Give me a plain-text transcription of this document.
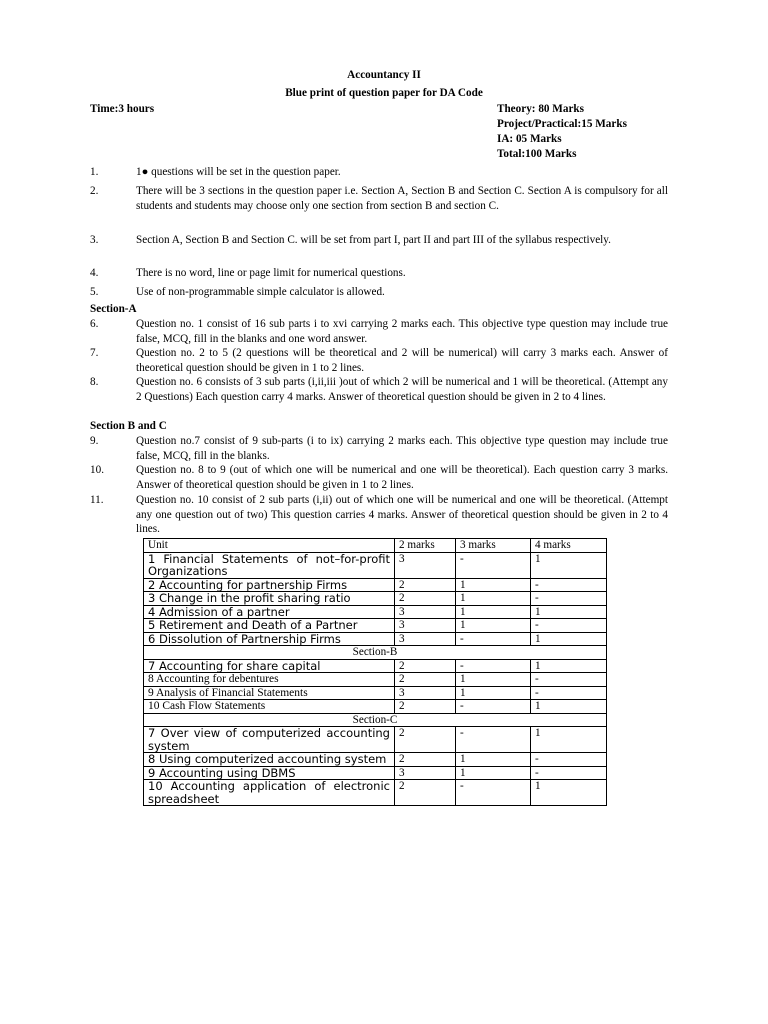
Accountancy II
Blue print of question paper for DA Code
Time:3 hours	Theory: 80 Marks
Project/Practical:15 Marks
IA: 05 Marks
Total:100 Marks
1.	1● questions will be set in the question paper.
2.	There will be 3 sections in the question paper i.e. Section A, Section B and Section C. Section A is compulsory for all students and students may choose only one section from section B and section C.
3.	Section A, Section B and Section C. will be set from part I, part II and part III of the syllabus respectively.
4.	There is no word, line or page limit for numerical questions.
5.	Use of non-programmable simple calculator is allowed.
Section-A
6.	Question no. 1 consist of 16 sub parts i to xvi carrying 2 marks each. This objective type question may include true false, MCQ, fill in the blanks and one word answer.
7.	Question no. 2 to 5 (2 questions will be theoretical and 2 will be numerical) will carry 3 marks each. Answer of theoretical question should be given in 1 to 2 lines.
8.	Question no. 6 consists of 3 sub parts (i,ii,iii )out of which 2 will be numerical and 1 will be theoretical. (Attempt any 2 Questions) Each question carry 4 marks. Answer of theoretical question should be given in 2 to 4 lines.
Section B and C
9.	Question no.7 consist of 9 sub-parts (i to ix) carrying 2 marks each. This objective type question may include true false, MCQ, fill in the blanks.
10.	Question no. 8 to 9 (out of which one will be numerical and one will be theoretical). Each question carry 3 marks. Answer of theoretical question should be given in 1 to 2 lines.
11.	Question no. 10 consist of 2 sub parts (i,ii) out of which one will be numerical and one will be theoretical. (Attempt any one question out of two) This question carries 4 marks. Answer of theoretical question should be given in 2 to 4 lines.
Unit	2 marks	3 marks	4 marks
1 Financial Statements of not–for-profit Organizations	3	-	1
2 Accounting for partnership Firms	2	1	-
3 Change in the profit sharing ratio	2	1	-
4 Admission of a partner	3	1	1
5 Retirement and Death of a Partner	3	1	-
6 Dissolution of Partnership Firms	3	-	1
Section-B			
7 Accounting for share capital	2	-	1
8 Accounting for debentures	2	1	-
9 Analysis of Financial Statements	3	1	-
10 Cash Flow Statements	2	-	1
Section-C			
7 Over view of computerized accounting system	2	-	1
8 Using computerized accounting system	2	1	-
9 Accounting using DBMS	3	1	-
10 Accounting application of electronic spreadsheet	2	-	1
